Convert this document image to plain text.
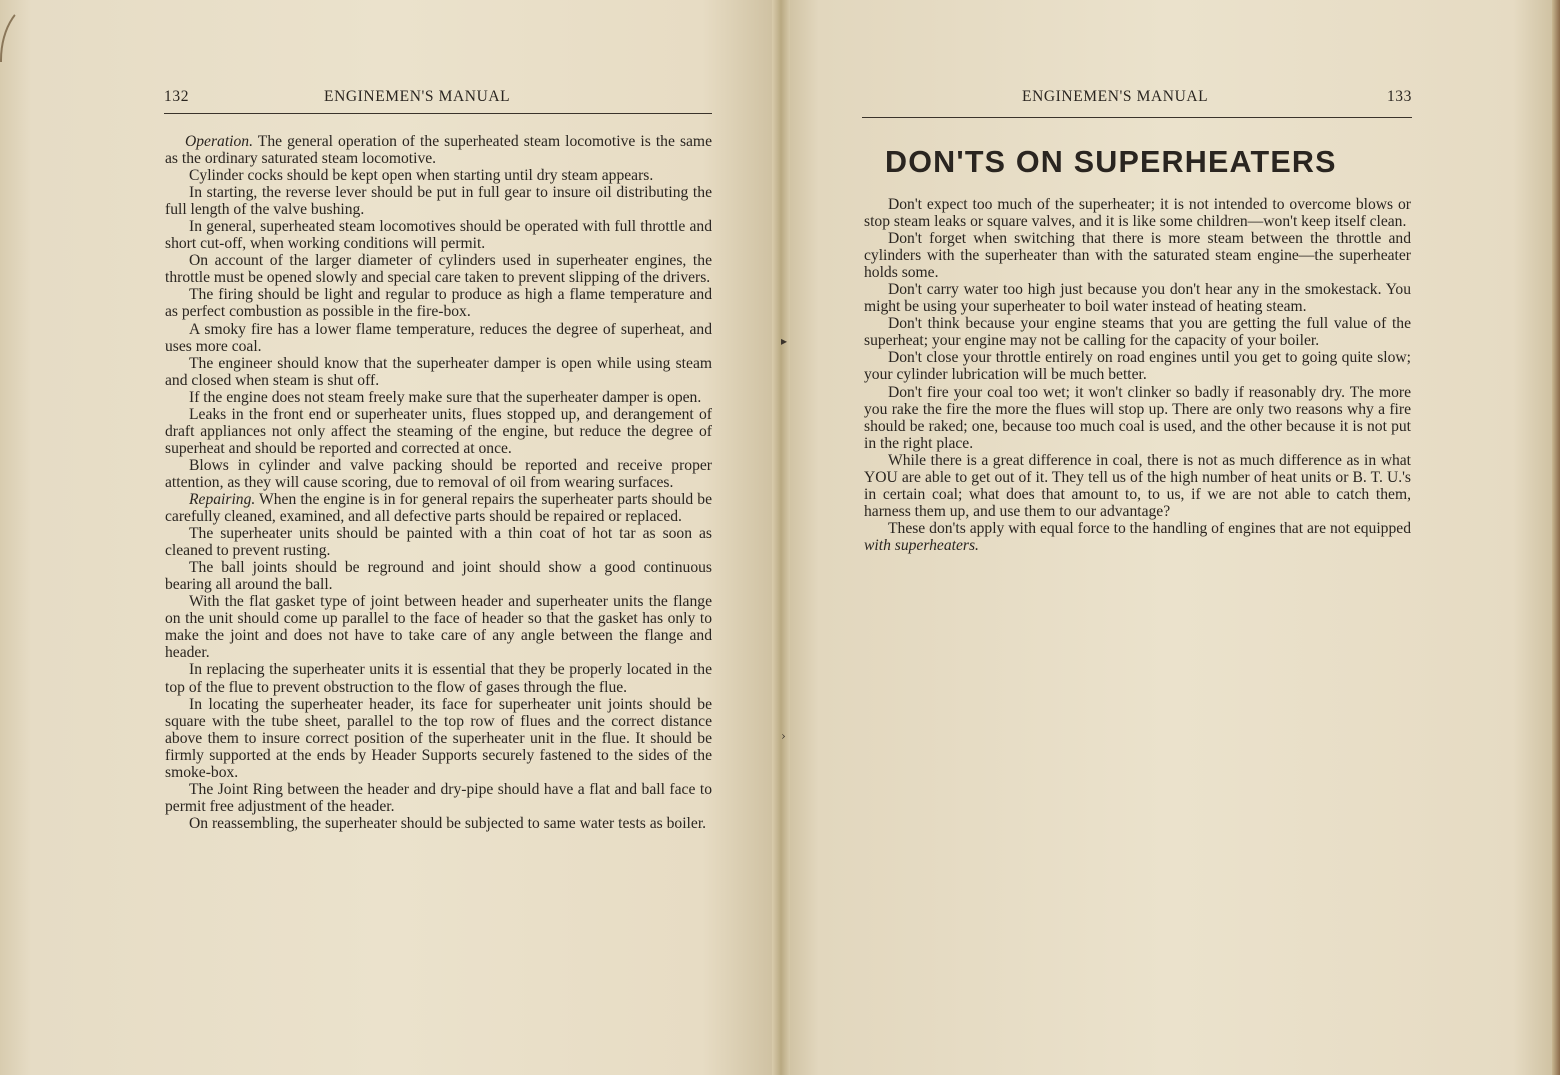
132	ENGINEMEN'S MANUAL	ENGINEMEN'S MANUAL	133

Operation. The general operation of the superheated steam locomotive is the same as the ordinary saturated steam locomotive.

Cylinder cocks should be kept open when starting until dry steam appears.

In starting, the reverse lever should be put in full gear to insure oil distributing the full length of the valve bushing.

In general, superheated steam locomotives should be operated with full throttle and short cut-off, when working conditions will permit.

On account of the larger diameter of cylinders used in superheater engines, the throttle must be opened slowly and special care taken to prevent slipping of the drivers.

The firing should be light and regular to produce as high a flame temperature and as perfect combustion as possible in the fire-box.

A smoky fire has a lower flame temperature, reduces the degree of superheat, and uses more coal.

The engineer should know that the superheater damper is open while using steam and closed when steam is shut off.

If the engine does not steam freely make sure that the superheater damper is open.

Leaks in the front end or superheater units, flues stopped up, and derangement of draft appliances not only affect the steaming of the engine, but reduce the degree of superheat and should be reported and corrected at once.

Blows in cylinder and valve packing should be reported and receive proper attention, as they will cause scoring, due to removal of oil from wearing surfaces.

Repairing. When the engine is in for general repairs the superheater parts should be carefully cleaned, examined, and all defective parts should be repaired or replaced.

The superheater units should be painted with a thin coat of hot tar as soon as cleaned to prevent rusting.

The ball joints should be reground and joint should show a good continuous bearing all around the ball.

With the flat gasket type of joint between header and superheater units the flange on the unit should come up parallel to the face of header so that the gasket has only to make the joint and does not have to take care of any angle between the flange and header.

In replacing the superheater units it is essential that they be properly located in the top of the flue to prevent obstruction to the flow of gases through the flue.

In locating the superheater header, its face for superheater unit joints should be square with the tube sheet, parallel to the top row of flues and the correct distance above them to insure correct position of the superheater unit in the flue. It should be firmly supported at the ends by Header Supports securely fastened to the sides of the smoke-box.

The Joint Ring between the header and dry-pipe should have a flat and ball face to permit free adjustment of the header.

On reassembling, the superheater should be subjected to same water tests as boiler.

DON'TS ON SUPERHEATERS

Don't expect too much of the superheater; it is not intended to overcome blows or stop steam leaks or square valves, and it is like some children—won't keep itself clean.

Don't forget when switching that there is more steam between the throttle and cylinders with the superheater than with the saturated steam engine—the superheater holds some.

Don't carry water too high just because you don't hear any in the smokestack. You might be using your superheater to boil water instead of heating steam.

Don't think because your engine steams that you are getting the full value of the superheat; your engine may not be calling for the capacity of your boiler.

Don't close your throttle entirely on road engines until you get to going quite slow; your cylinder lubrication will be much better.

Don't fire your coal too wet; it won't clinker so badly if reasonably dry. The more you rake the fire the more the flues will stop up. There are only two reasons why a fire should be raked; one, because too much coal is used, and the other because it is not put in the right place.

While there is a great difference in coal, there is not as much difference as in what YOU are able to get out of it. They tell us of the high number of heat units or B. T. U.'s in certain coal; what does that amount to, to us, if we are not able to catch them, harness them up, and use them to our advantage?

These don'ts apply with equal force to the handling of engines that are not equipped with superheaters.

▸
›
